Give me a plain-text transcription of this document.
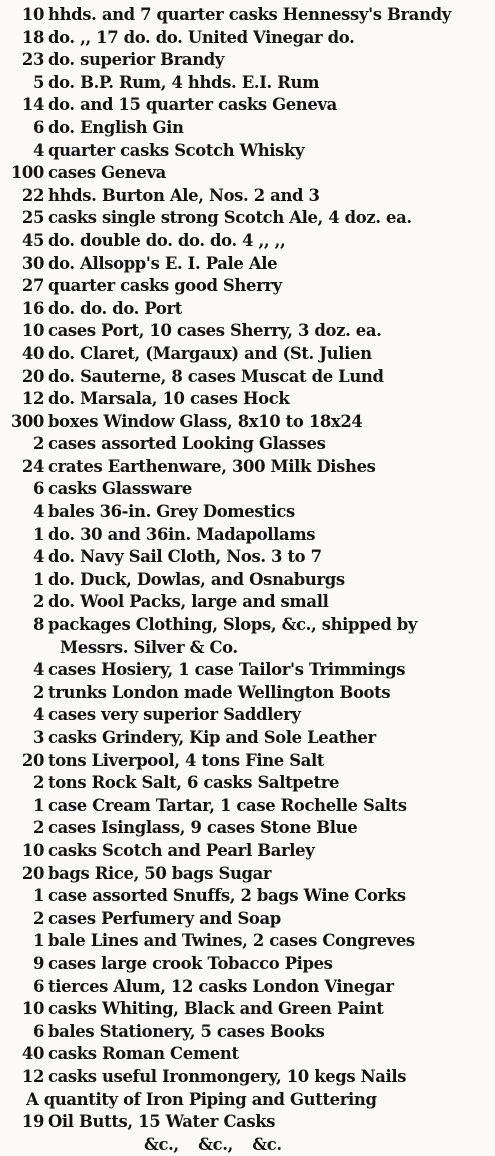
10 hhds. and 7 quarter casks Hennessy's Brandy
18 do. ,, 17 do. do. United Vinegar do.
23 do. superior Brandy
5 do. B.P. Rum, 4 hhds. E.I. Rum
14 do. and 15 quarter casks Geneva
6 do. English Gin
4 quarter casks Scotch Whisky
100 cases Geneva
22 hhds. Burton Ale, Nos. 2 and 3
25 casks single strong Scotch Ale, 4 doz. ea.
45 do. double do. do. do. 4 ,, ,,
30 do. Allsopp's E. I. Pale Ale
27 quarter casks good Sherry
16 do. do. do. Port
10 cases Port, 10 cases Sherry, 3 doz. ea.
40 do. Claret, (Margaux) and (St. Julien
20 do. Sauterne, 8 cases Muscat de Lund
12 do. Marsala, 10 cases Hock
300 boxes Window Glass, 8x10 to 18x24
2 cases assorted Looking Glasses
24 crates Earthenware, 300 Milk Dishes
6 casks Glassware
4 bales 36-in. Grey Domestics
1 do. 30 and 36in. Madapollams
4 do. Navy Sail Cloth, Nos. 3 to 7
1 do. Duck, Dowlas, and Osnaburgs
2 do. Wool Packs, large and small
8 packages Clothing, Slops, &c., shipped by
Messrs. Silver & Co.
4 cases Hosiery, 1 case Tailor's Trimmings
2 trunks London made Wellington Boots
4 cases very superior Saddlery
3 casks Grindery, Kip and Sole Leather
20 tons Liverpool, 4 tons Fine Salt
2 tons Rock Salt, 6 casks Saltpetre
1 case Cream Tartar, 1 case Rochelle Salts
2 cases Isinglass, 9 cases Stone Blue
10 casks Scotch and Pearl Barley
20 bags Rice, 50 bags Sugar
1 case assorted Snuffs, 2 bags Wine Corks
2 cases Perfumery and Soap
1 bale Lines and Twines, 2 cases Congreves
9 cases large crook Tobacco Pipes
6 tierces Alum, 12 casks London Vinegar
10 casks Whiting, Black and Green Paint
6 bales Stationery, 5 cases Books
40 casks Roman Cement
12 casks useful Ironmongery, 10 kegs Nails
A quantity of Iron Piping and Guttering
19 Oil Butts, 15 Water Casks
&c., &c., &c.
